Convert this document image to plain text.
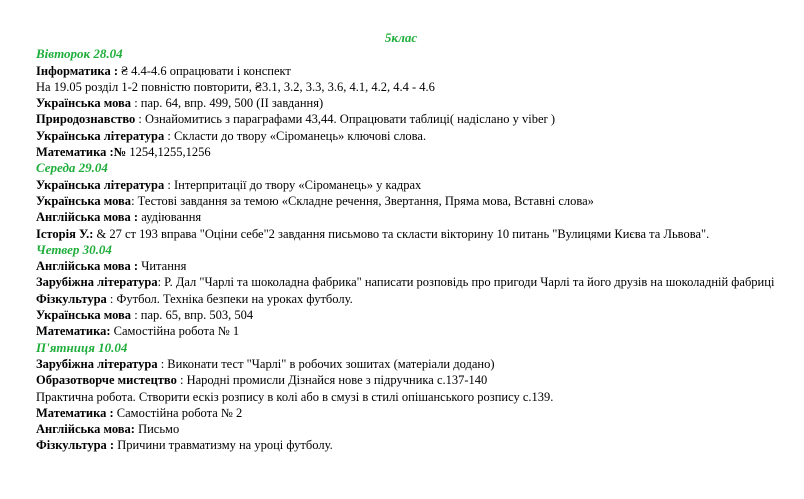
5клас
Вівторок 28.04
Інформатика : ₴ 4.4-4.6 опрацювати і конспект
На 19.05 розділ 1-2 повністю повторити, ₴3.1, 3.2, 3.3, 3.6, 4.1, 4.2, 4.4 - 4.6
Українська мова : пар. 64, впр. 499, 500 (ІІ завдання)
Природознавство : Ознайомитись з параграфами 43,44. Опрацювати таблиці( надіслано у viber )
Українська література : Скласти до твору «Сіроманець» ключові слова.
Математика :№ 1254,1255,1256
Середа 29.04
Українська література : Інтерпритації до твору «Сіроманець» у кадрах
Українська мова: Тестові завдання за темою «Складне речення, Звертання, Пряма мова, Вставні слова»
Англійська мова : аудіювання
Історія У.: & 27 ст 193 вправа "Оціни себе"2 завдання письмово та скласти вікторину 10 питань "Вулицями Києва та Львова".
Четвер 30.04
Англійська мова : Читання
Зарубіжна література: Р. Дал "Чарлі та шоколадна фабрика" написати розповідь про пригоди Чарлі та його друзів на шоколадній фабриці
Фізкультура : Футбол. Техніка безпеки на уроках футболу.
Українська мова : пар. 65, впр. 503, 504
Математика: Самостійна робота № 1
П'ятниця 10.04
Зарубіжна література : Виконати тест "Чарлі" в робочих зошитах (матеріали додано)
Образотворче мистецтво : Народні промисли Дізнайся нове з підручника с.137-140
Практична робота. Створити ескіз розпису в колі або в смузі в стилі опішанського розпису с.139.
Математика : Самостійна робота № 2
Англійська мова: Письмо
Фізкультура : Причини травматизму на уроці футболу.
